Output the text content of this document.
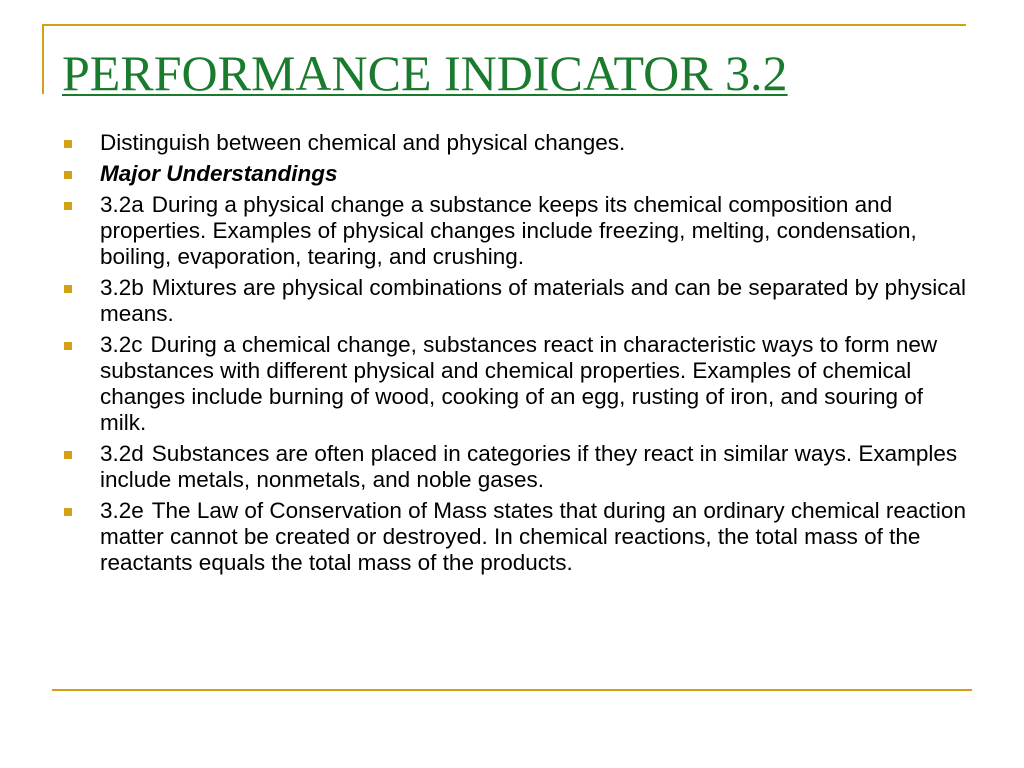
PERFORMANCE INDICATOR 3.2
Distinguish between chemical and physical changes.
Major Understandings
3.2a During a physical change a substance keeps its chemical composition and properties. Examples of physical changes include freezing, melting, condensation, boiling, evaporation, tearing, and crushing.
3.2b Mixtures are physical combinations of materials and can be separated by physical means.
3.2c During a chemical change, substances react in characteristic ways to form new substances with different physical and chemical properties. Examples of chemical changes include burning of wood, cooking of an egg, rusting of iron, and souring of milk.
3.2d Substances are often placed in categories if they react in similar ways. Examples include metals, nonmetals, and noble gases.
3.2e The Law of Conservation of Mass states that during an ordinary chemical reaction matter cannot be created or destroyed. In chemical reactions, the total mass of the reactants equals the total mass of the products.
